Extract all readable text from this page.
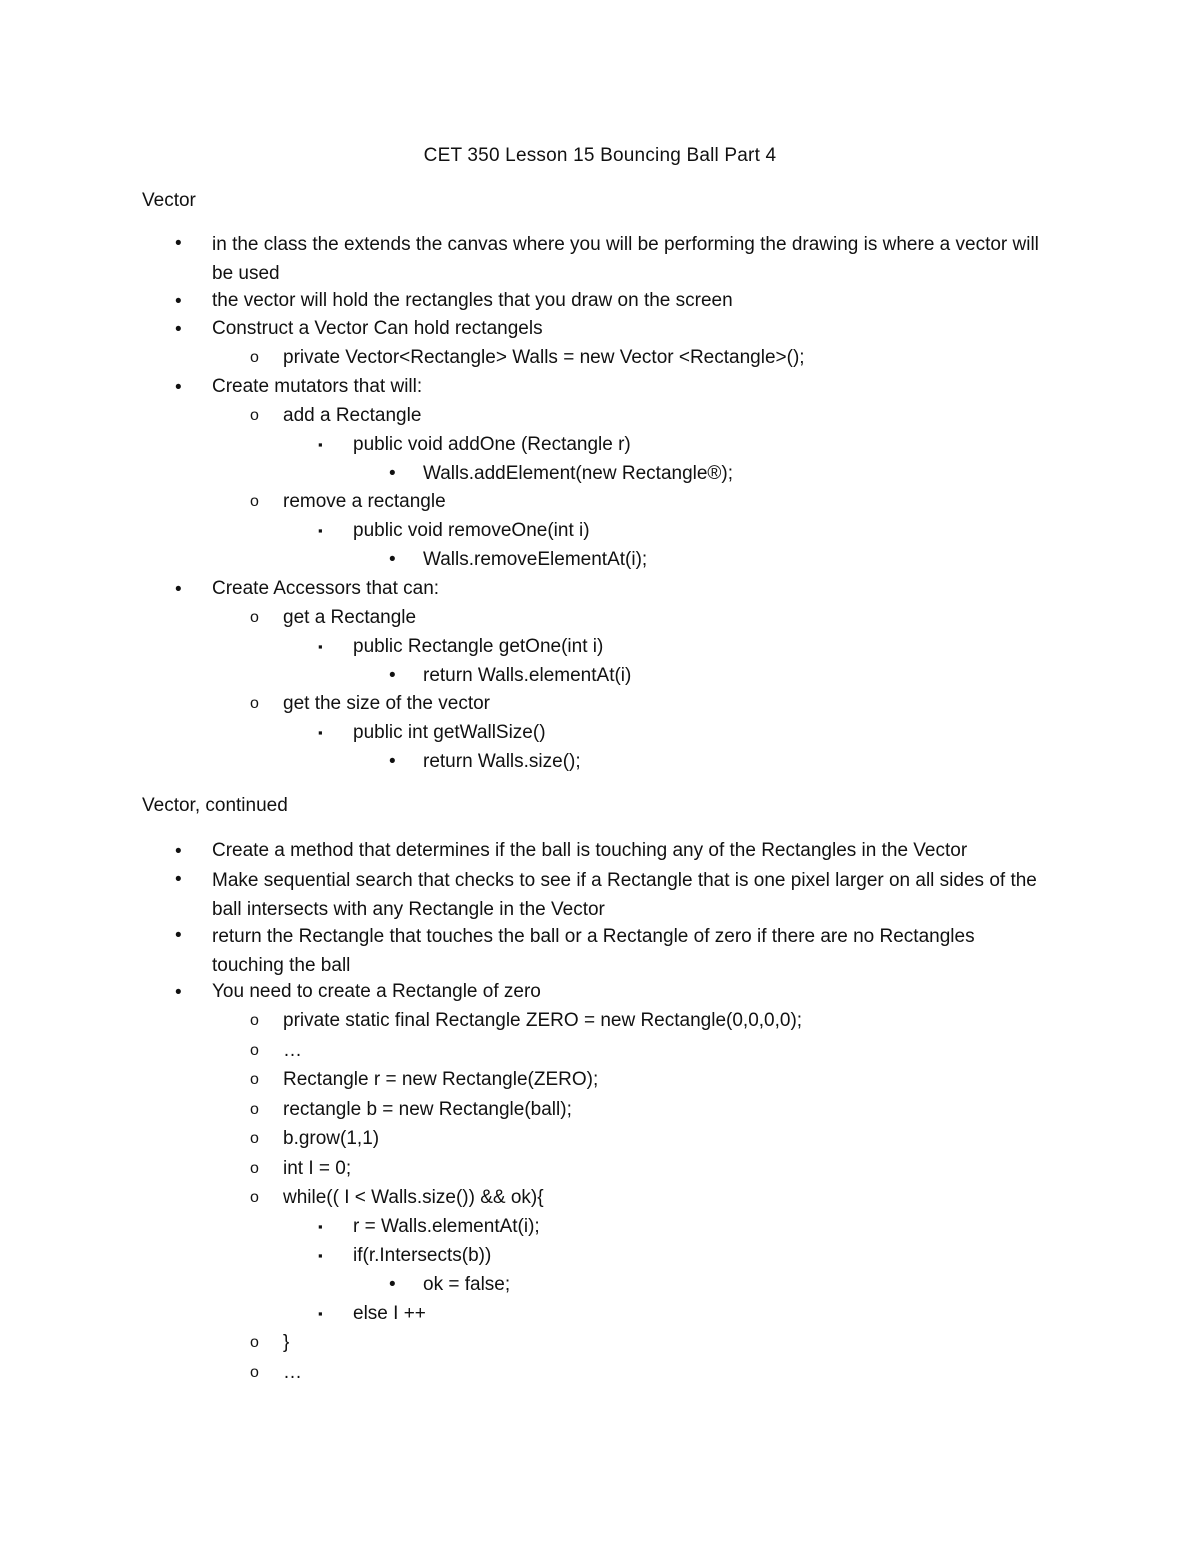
CET 350 Lesson 15 Bouncing Ball Part 4
Vector
• in the class the extends the canvas where you will be performing the drawing is where a vector will be used
• the vector will hold the rectangles that you draw on the screen
• Construct a Vector Can hold rectangels
o private Vector<Rectangle> Walls = new Vector <Rectangle>();
• Create mutators that will:
o add a Rectangle
▪ public void addOne (Rectangle r)
• Walls.addElement(new Rectangle®);
o remove a rectangle
▪ public void removeOne(int i)
• Walls.removeElementAt(i);
• Create Accessors that can:
o get a Rectangle
▪ public Rectangle getOne(int i)
• return Walls.elementAt(i)
o get the size of the vector
▪ public int getWallSize()
• return Walls.size();
Vector, continued
• Create a method that determines if the ball is touching any of the Rectangles in the Vector
• Make sequential search that checks to see if a Rectangle that is one pixel larger on all sides of the ball intersects with any Rectangle in the Vector
• return the Rectangle that touches the ball or a Rectangle of zero if there are no Rectangles touching the ball
• You need to create a Rectangle of zero
o private static final Rectangle ZERO = new Rectangle(0,0,0,0);
o …
o Rectangle r = new Rectangle(ZERO);
o rectangle b = new Rectangle(ball);
o b.grow(1,1)
o int I = 0;
o while(( I < Walls.size()) && ok){
▪ r = Walls.elementAt(i);
▪ if(r.Intersects(b))
• ok = false;
▪ else I ++
o }
o …
